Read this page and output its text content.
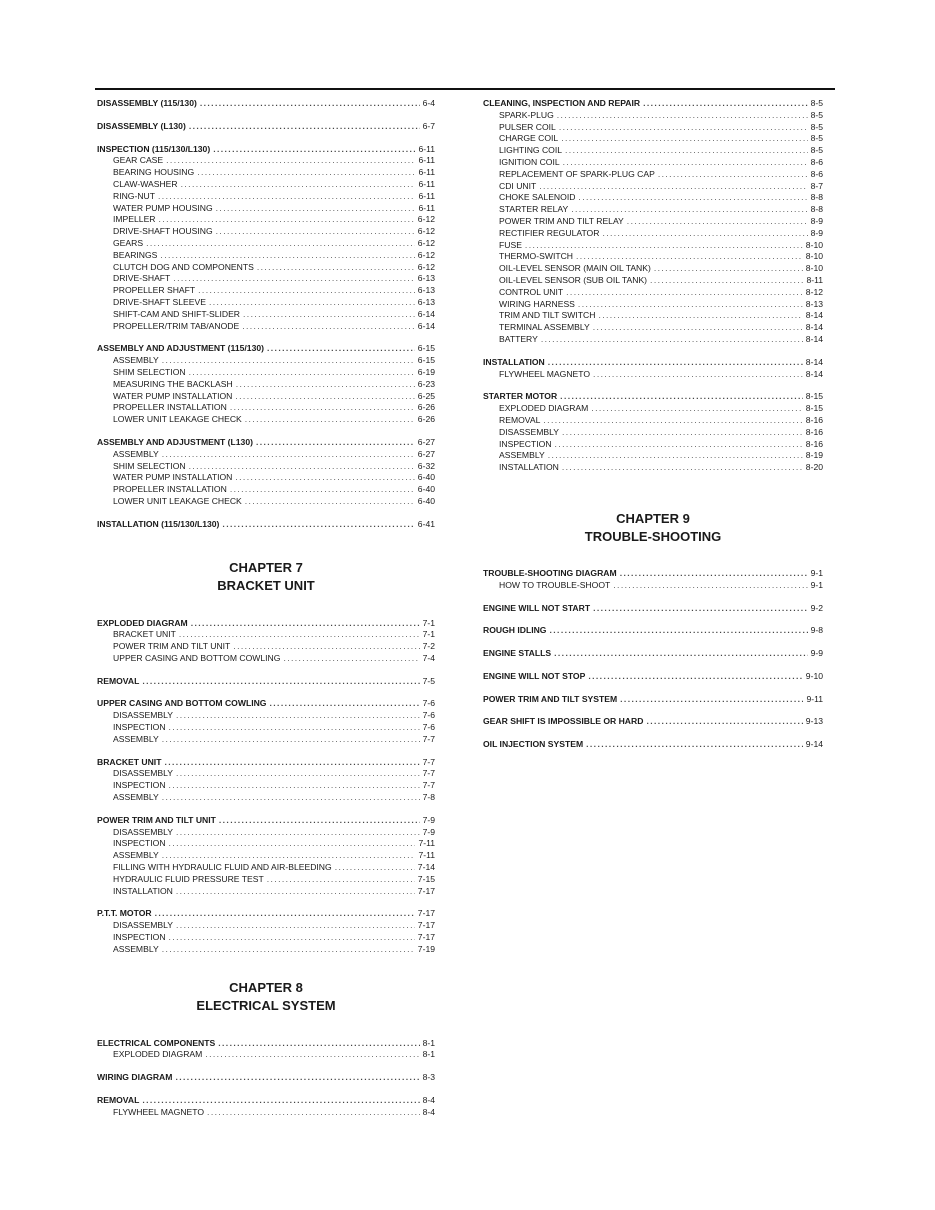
DISASSEMBLY (115/130) . . .	6-4
DISASSEMBLY (L130) . . .	6-7
INSPECTION (115/130/L130) . . .	6-11
GEAR CASE . . .	6-11
BEARING HOUSING . . .	6-11
CLAW-WASHER . . .	6-11
RING-NUT . . .	6-11
WATER PUMP HOUSING . . .	6-11
IMPELLER . . .	6-12
DRIVE-SHAFT HOUSING . . .	6-12
GEARS . . .	6-12
BEARINGS . . .	6-12
CLUTCH DOG AND COMPONENTS . . .	6-12
DRIVE-SHAFT . . .	6-13
PROPELLER SHAFT . . .	6-13
DRIVE-SHAFT SLEEVE . . .	6-13
SHIFT-CAM AND SHIFT-SLIDER . . .	6-14
PROPELLER/TRIM TAB/ANODE . . .	6-14
ASSEMBLY AND ADJUSTMENT (115/130) . . .	6-15
ASSEMBLY . . .	6-15
SHIM SELECTION . . .	6-19
MEASURING THE BACKLASH . . .	6-23
WATER PUMP INSTALLATION . . .	6-25
PROPELLER INSTALLATION . . .	6-26
LOWER UNIT LEAKAGE CHECK . . .	6-26
ASSEMBLY AND ADJUSTMENT (L130) . . .	6-27
ASSEMBLY . . .	6-27
SHIM SELECTION . . .	6-32
WATER PUMP INSTALLATION . . .	6-40
PROPELLER INSTALLATION . . .	6-40
LOWER UNIT LEAKAGE CHECK . . .	6-40
INSTALLATION (115/130/L130) . . .	6-41
CHAPTER 7
BRACKET UNIT
EXPLODED DIAGRAM . . .	7-1
BRACKET UNIT . . .	7-1
POWER TRIM AND TILT UNIT . . .	7-2
UPPER CASING AND BOTTOM COWLING . . .	7-4
REMOVAL . . .	7-5
UPPER CASING AND BOTTOM COWLING . . .	7-6
DISASSEMBLY . . .	7-6
INSPECTION . . .	7-6
ASSEMBLY . . .	7-7
BRACKET UNIT . . .	7-7
DISASSEMBLY . . .	7-7
INSPECTION . . .	7-7
ASSEMBLY . . .	7-8
POWER TRIM AND TILT UNIT . . .	7-9
DISASSEMBLY . . .	7-9
INSPECTION . . .	7-11
ASSEMBLY . . .	7-11
FILLING WITH HYDRAULIC FLUID AND AIR-BLEEDING . . .	7-14
HYDRAULIC FLUID PRESSURE TEST . . .	7-15
INSTALLATION . . .	7-17
P.T.T. MOTOR . . .	7-17
DISASSEMBLY . . .	7-17
INSPECTION . . .	7-17
ASSEMBLY . . .	7-19
CHAPTER 8
ELECTRICAL SYSTEM
ELECTRICAL COMPONENTS . . .	8-1
EXPLODED DIAGRAM . . .	8-1
WIRING DIAGRAM . . .	8-3
REMOVAL . . .	8-4
FLYWHEEL MAGNETO . . .	8-4
CLEANING, INSPECTION AND REPAIR . . .	8-5
SPARK-PLUG . . .	8-5
PULSER COIL . . .	8-5
CHARGE COIL . . .	8-5
LIGHTING COIL . . .	8-5
IGNITION COIL . . .	8-6
REPLACEMENT OF SPARK-PLUG CAP . . .	8-6
CDI UNIT . . .	8-7
CHOKE SALENOID . . .	8-8
STARTER RELAY . . .	8-8
POWER TRIM AND TILT RELAY . . .	8-9
RECTIFIER REGULATOR . . .	8-9
FUSE . . .	8-10
THERMO-SWITCH . . .	8-10
OIL-LEVEL SENSOR (MAIN OIL TANK) . . .	8-10
OIL-LEVEL SENSOR (SUB OIL TANK) . . .	8-11
CONTROL UNIT . . .	8-12
WIRING HARNESS . . .	8-13
TRIM AND TILT SWITCH . . .	8-14
TERMINAL ASSEMBLY . . .	8-14
BATTERY . . .	8-14
INSTALLATION . . .	8-14
FLYWHEEL MAGNETO . . .	8-14
STARTER MOTOR . . .	8-15
EXPLODED DIAGRAM . . .	8-15
REMOVAL . . .	8-16
DISASSEMBLY . . .	8-16
INSPECTION . . .	8-16
ASSEMBLY . . .	8-19
INSTALLATION . . .	8-20
CHAPTER 9
TROUBLE-SHOOTING
TROUBLE-SHOOTING DIAGRAM . . .	9-1
HOW TO TROUBLE-SHOOT . . .	9-1
ENGINE WILL NOT START . . .	9-2
ROUGH IDLING . . .	9-8
ENGINE STALLS . . .	9-9
ENGINE WILL NOT STOP . . .	9-10
POWER TRIM AND TILT SYSTEM . . .	9-11
GEAR SHIFT IS IMPOSSIBLE OR HARD . . .	9-13
OIL INJECTION SYSTEM . . .	9-14
